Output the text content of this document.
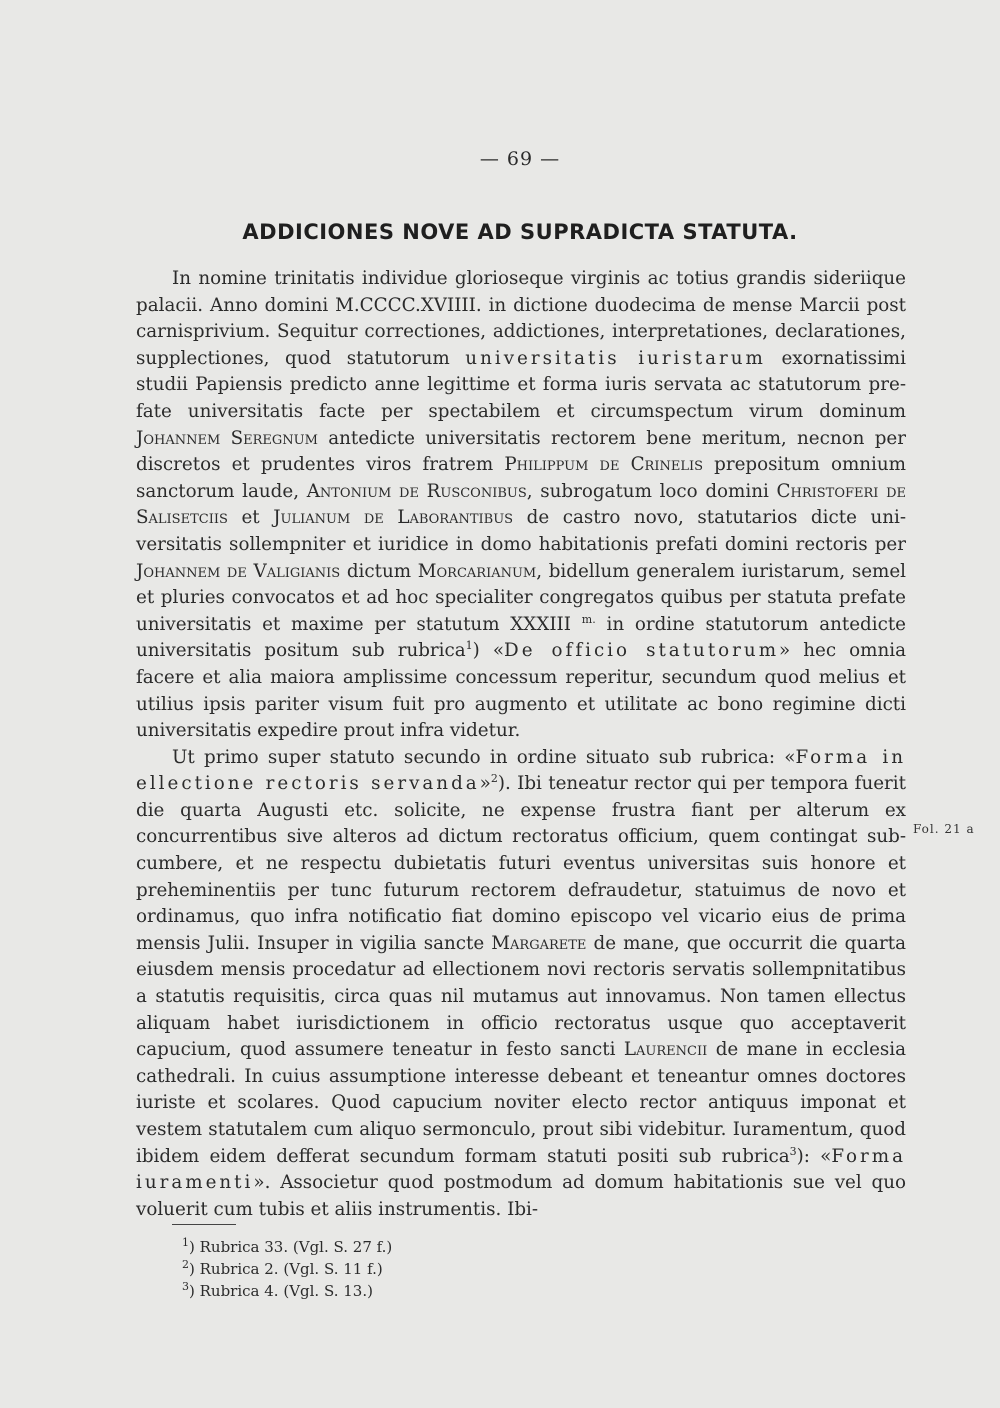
— 69 —
ADDICIONES NOVE AD SUPRADICTA STATUTA.

In nomine trinitatis individue glorioseque virginis ac totius grandis sideriique palacii. Anno domini M.CCCC.XVIIII. in dictione duodecima de mense Marcii post carnisprivium. Sequitur correctiones, addictiones, interpretationes, declarationes, supplectiones, quod statutorum universitatis iuristarum exornatissimi studii Papiensis predicto anne legittime et forma iuris servata ac statutorum prefate universitatis facte per spectabilem et circumspectum virum dominum Johannem Seregnum antedicte universitatis rectorem bene meritum, necnon per discretos et prudentes viros fratrem Philippum de Crinelis prepositum omnium sanctorum laude, Antonium de Rusconibus, subrogatum loco domini Christoferi de Salisetciis et Julianum de Laborantibus de castro novo, statutarios dicte universitatis sollempniter et iuridice in domo habitationis prefati domini rectoris per Johannem de Valigianis dictum Morcarianum, bidellum generalem iuristarum, semel et pluries convocatos et ad hoc specialiter congregatos quibus per statuta prefate universitatis et maxime per statutum XXXIII $^{m.}$ in ordine statutorum antedicte universitatis positum sub rubrica$^1$) «De officio statutorum» hec omnia facere et alia maiora amplissime concessum reperitur, secundum quod melius et utilius ipsis pariter visum fuit pro augmento et utilitate ac bono regimine dicti universitatis expedire prout infra videtur.

Ut primo super statuto secundo in ordine situato sub rubrica: «Forma in ellectione rectoris servanda»$^2$). Ibi teneatur rector qui per tempora fuerit die quarta Augusti etc. solicite, ne expense frustra fiant per alterum ex concurrentibus sive alteros ad dictum rectoratus officium, quem contingat subcumbere, et ne respectu dubietatis futuri eventus universitas suis honore et preheminentiis per tunc futurum rectorem defraudetur, statuimus de novo et ordinamus, quo infra notificatio fiat domino episcopo vel vicario eius de prima mensis Julii. Insuper in vigilia sancte Margarete de mane, que occurrit die quarta eiusdem mensis procedatur ad ellectionem novi rectoris servatis sollempnitatibus a statutis requisitis, circa quas nil mutamus aut innovamus. Non tamen ellectus aliquam habet iurisdictionem in officio rectoratus usque quo acceptaverit capucium, quod assumere teneatur in festo sancti Laurencii de mane in ecclesia cathedrali. In cuius assumptione interesse debeant et teneantur omnes doctores iuriste et scolares. Quod capucium noviter electo rector antiquus imponat et vestem statutalem cum aliquo sermonculo, prout sibi videbitur. Iuramentum, quod ibidem eidem defferat secundum formam statuti positi sub rubrica$^3$): «Forma iuramenti». Associetur quod postmodum ad domum habitationis sue vel quo voluerit cum tubis et aliis instrumentis. Ibi-

Fol. 21 a
$^1$) Rubrica 33. (Vgl. S. 27 f.)
$^2$) Rubrica 2. (Vgl. S. 11 f.)
$^3$) Rubrica 4. (Vgl. S. 13.)
